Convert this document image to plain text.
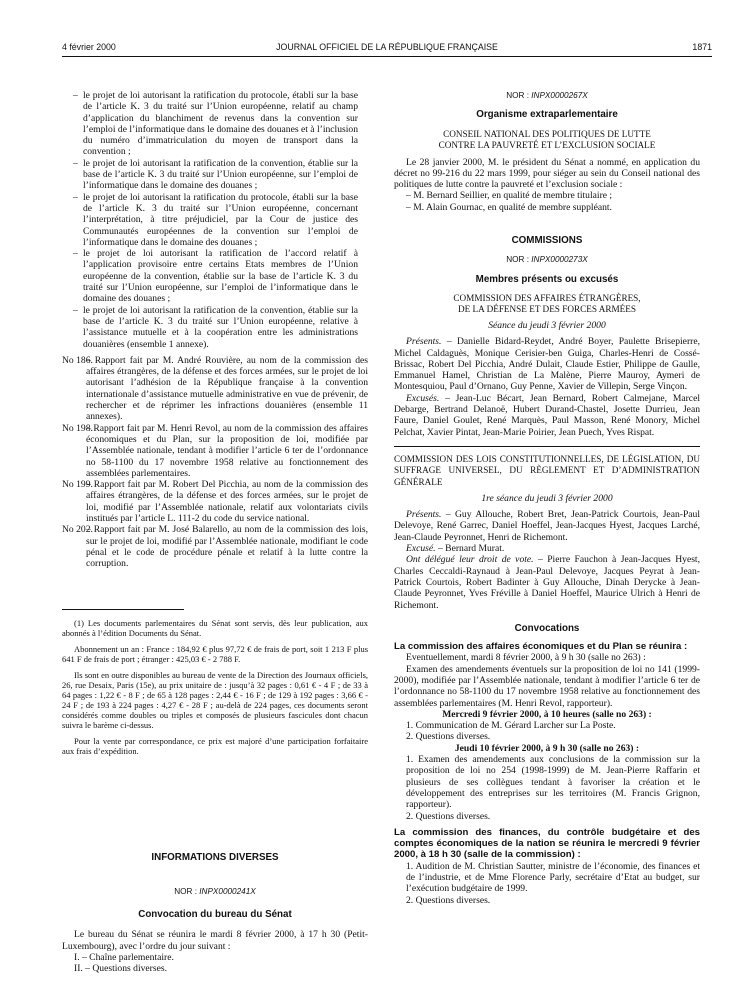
4 février 2000	JOURNAL OFFICIEL DE LA RÉPUBLIQUE FRANÇAISE	1871
– le projet de loi autorisant la ratification du protocole, établi sur la base de l’article K. 3 du traité sur l’Union européenne, relatif au champ d’application du blanchiment de revenus dans la convention sur l’emploi de l’informatique dans le domaine des douanes et à l’inclusion du numéro d’immatriculation du moyen de transport dans la convention ;
– le projet de loi autorisant la ratification de la convention, établie sur la base de l’article K. 3 du traité sur l’Union européenne, sur l’emploi de l’informatique dans le domaine des douanes ;
– le projet de loi autorisant la ratification du protocole, établi sur la base de l’article K. 3 du traité sur l’Union européenne, concernant l’interprétation, à titre préjudiciel, par la Cour de justice des Communautés européennes de la convention sur l’emploi de l’informatique dans le domaine des douanes ;
– le projet de loi autorisant la ratification de l’accord relatif à l’application provisoire entre certains Etats membres de l’Union européenne de la convention, établie sur la base de l’article K. 3 du traité sur l’Union européenne, sur l’emploi de l’informatique dans le domaine des douanes ;
– le projet de loi autorisant la ratification de la convention, établie sur la base de l’article K. 3 du traité sur l’Union européenne, relative à l’assistance mutuelle et à la coopération entre les administrations douanières (ensemble 1 annexe).
No 186.
– Rapport fait par M. André Rouvière, au nom de la commission des affaires étrangères, de la défense et des forces armées, sur le projet de loi autorisant l’adhésion de la République française à la convention internationale d’assistance mutuelle administrative en vue de prévenir, de rechercher et de réprimer les infractions douanières (ensemble 11 annexes).
No 198.
– Rapport fait par M. Henri Revol, au nom de la commission des affaires économiques et du Plan, sur la proposition de loi, modifiée par l’Assemblée nationale, tendant à modifier l’article 6 ter de l’ordonnance no 58-1100 du 17 novembre 1958 relative au fonctionnement des assemblées parlementaires.
No 199.
– Rapport fait par M. Robert Del Picchia, au nom de la commission des affaires étrangères, de la défense et des forces armées, sur le projet de loi, modifié par l’Assemblée nationale, relatif aux volontariats civils institués par l’article L. 111-2 du code du service national.
No 202.
– Rapport fait par M. José Balarello, au nom de la commission des lois, sur le projet de loi, modifié par l’Assemblée nationale, modifiant le code pénal et le code de procédure pénale et relatif à la lutte contre la corruption.
(1) Les documents parlementaires du Sénat sont servis, dès leur publication, aux abonnés à l’édition Documents du Sénat.
Abonnement un an : France : 184,92 € plus 97,72 € de frais de port, soit 1 213 F plus 641 F de frais de port ; étranger : 425,03 € - 2 788 F.
Ils sont en outre disponibles au bureau de vente de la Direction des Journaux officiels, 26, rue Desaix, Paris (15e), au prix unitaire de : jusqu’à 32 pages : 0,61 € - 4 F ; de 33 à 64 pages : 1,22 € - 8 F ; de 65 à 128 pages : 2,44 € - 16 F ; de 129 à 192 pages : 3,66 € - 24 F ; de 193 à 224 pages : 4,27 € - 28 F ; au-delà de 224 pages, ces documents seront considérés comme doubles ou triples et composés de plusieurs fascicules dont chacun suivra le barème ci-dessus.
Pour la vente par correspondance, ce prix est majoré d’une participation forfaitaire aux frais d’expédition.
INFORMATIONS DIVERSES
NOR : INPX0000241X
Convocation du bureau du Sénat
Le bureau du Sénat se réunira le mardi 8 février 2000, à 17 h 30 (Petit-Luxembourg), avec l’ordre du jour suivant :
I. – Chaîne parlementaire.
II. – Questions diverses.
NOR : INPX0000267X
Organisme extraparlementaire
CONSEIL NATIONAL DES POLITIQUES DE LUTTE
CONTRE LA PAUVRETÉ ET L’EXCLUSION SOCIALE
Le 28 janvier 2000, M. le président du Sénat a nommé, en application du décret no 99-216 du 22 mars 1999, pour siéger au sein du Conseil national des politiques de lutte contre la pauvreté et l’exclusion sociale :
– M. Bernard Seillier, en qualité de membre titulaire ;
– M. Alain Gournac, en qualité de membre suppléant.
COMMISSIONS
NOR : INPX0000273X
Membres présents ou excusés
COMMISSION DES AFFAIRES ÉTRANGÈRES,
DE LA DÉFENSE ET DES FORCES ARMÉES
Séance du jeudi 3 février 2000
Présents. – Danielle Bidard-Reydet, André Boyer, Paulette Brisepierre, Michel Caldaguès, Monique Cerisier-ben Guiga, Charles-Henri de Cossé-Brissac, Robert Del Picchia, André Dulait, Claude Estier, Philippe de Gaulle, Emmanuel Hamel, Christian de La Malène, Pierre Mauroy, Aymeri de Montesquiou, Paul d’Ornano, Guy Penne, Xavier de Villepin, Serge Vinçon.
Excusés. – Jean-Luc Bécart, Jean Bernard, Robert Calmejane, Marcel Debarge, Bertrand Delanoë, Hubert Durand-Chastel, Josette Durrieu, Jean Faure, Daniel Goulet, René Marquès, Paul Masson, René Monory, Michel Pelchat, Xavier Pintat, Jean-Marie Poirier, Jean Puech, Yves Rispat.
COMMISSION DES LOIS CONSTITUTIONNELLES, DE LÉGISLATION, DU SUFFRAGE UNIVERSEL, DU RÈGLEMENT ET D’ADMINISTRATION GÉNÉRALE
1re séance du jeudi 3 février 2000
Présents. – Guy Allouche, Robert Bret, Jean-Patrick Courtois, Jean-Paul Delevoye, René Garrec, Daniel Hoeffel, Jean-Jacques Hyest, Jacques Larché, Jean-Claude Peyronnet, Henri de Richemont.
Excusé. – Bernard Murat.
Ont délégué leur droit de vote. – Pierre Fauchon à Jean-Jacques Hyest, Charles Ceccaldi-Raynaud à Jean-Paul Delevoye, Jacques Peyrat à Jean-Patrick Courtois, Robert Badinter à Guy Allouche, Dinah Derycke à Jean-Claude Peyronnet, Yves Fréville à Daniel Hoeffel, Maurice Ulrich à Henri de Richemont.
Convocations
La commission des affaires économiques et du Plan se réunira :
Eventuellement, mardi 8 février 2000, à 9 h 30 (salle no 263) :
Examen des amendements éventuels sur la proposition de loi no 141 (1999-2000), modifiée par l’Assemblée nationale, tendant à modifier l’article 6 ter de l’ordonnance no 58-1100 du 17 novembre 1958 relative au fonctionnement des assemblées parlementaires (M. Henri Revol, rapporteur).
Mercredi 9 février 2000, à 10 heures (salle no 263) :
1. Communication de M. Gérard Larcher sur La Poste.
2. Questions diverses.
Jeudi 10 février 2000, à 9 h 30 (salle no 263) :
1. Examen des amendements aux conclusions de la commission sur la proposition de loi no 254 (1998-1999) de M. Jean-Pierre Raffarin et plusieurs de ses collègues tendant à favoriser la création et le développement des entreprises sur les territoires (M. Francis Grignon, rapporteur).
2. Questions diverses.
La commission des finances, du contrôle budgétaire et des comptes économiques de la nation se réunira le mercredi 9 février 2000, à 18 h 30 (salle de la commission) :
1. Audition de M. Christian Sautter, ministre de l’économie, des finances et de l’industrie, et de Mme Florence Parly, secrétaire d’Etat au budget, sur l’exécution budgétaire de 1999.
2. Questions diverses.
